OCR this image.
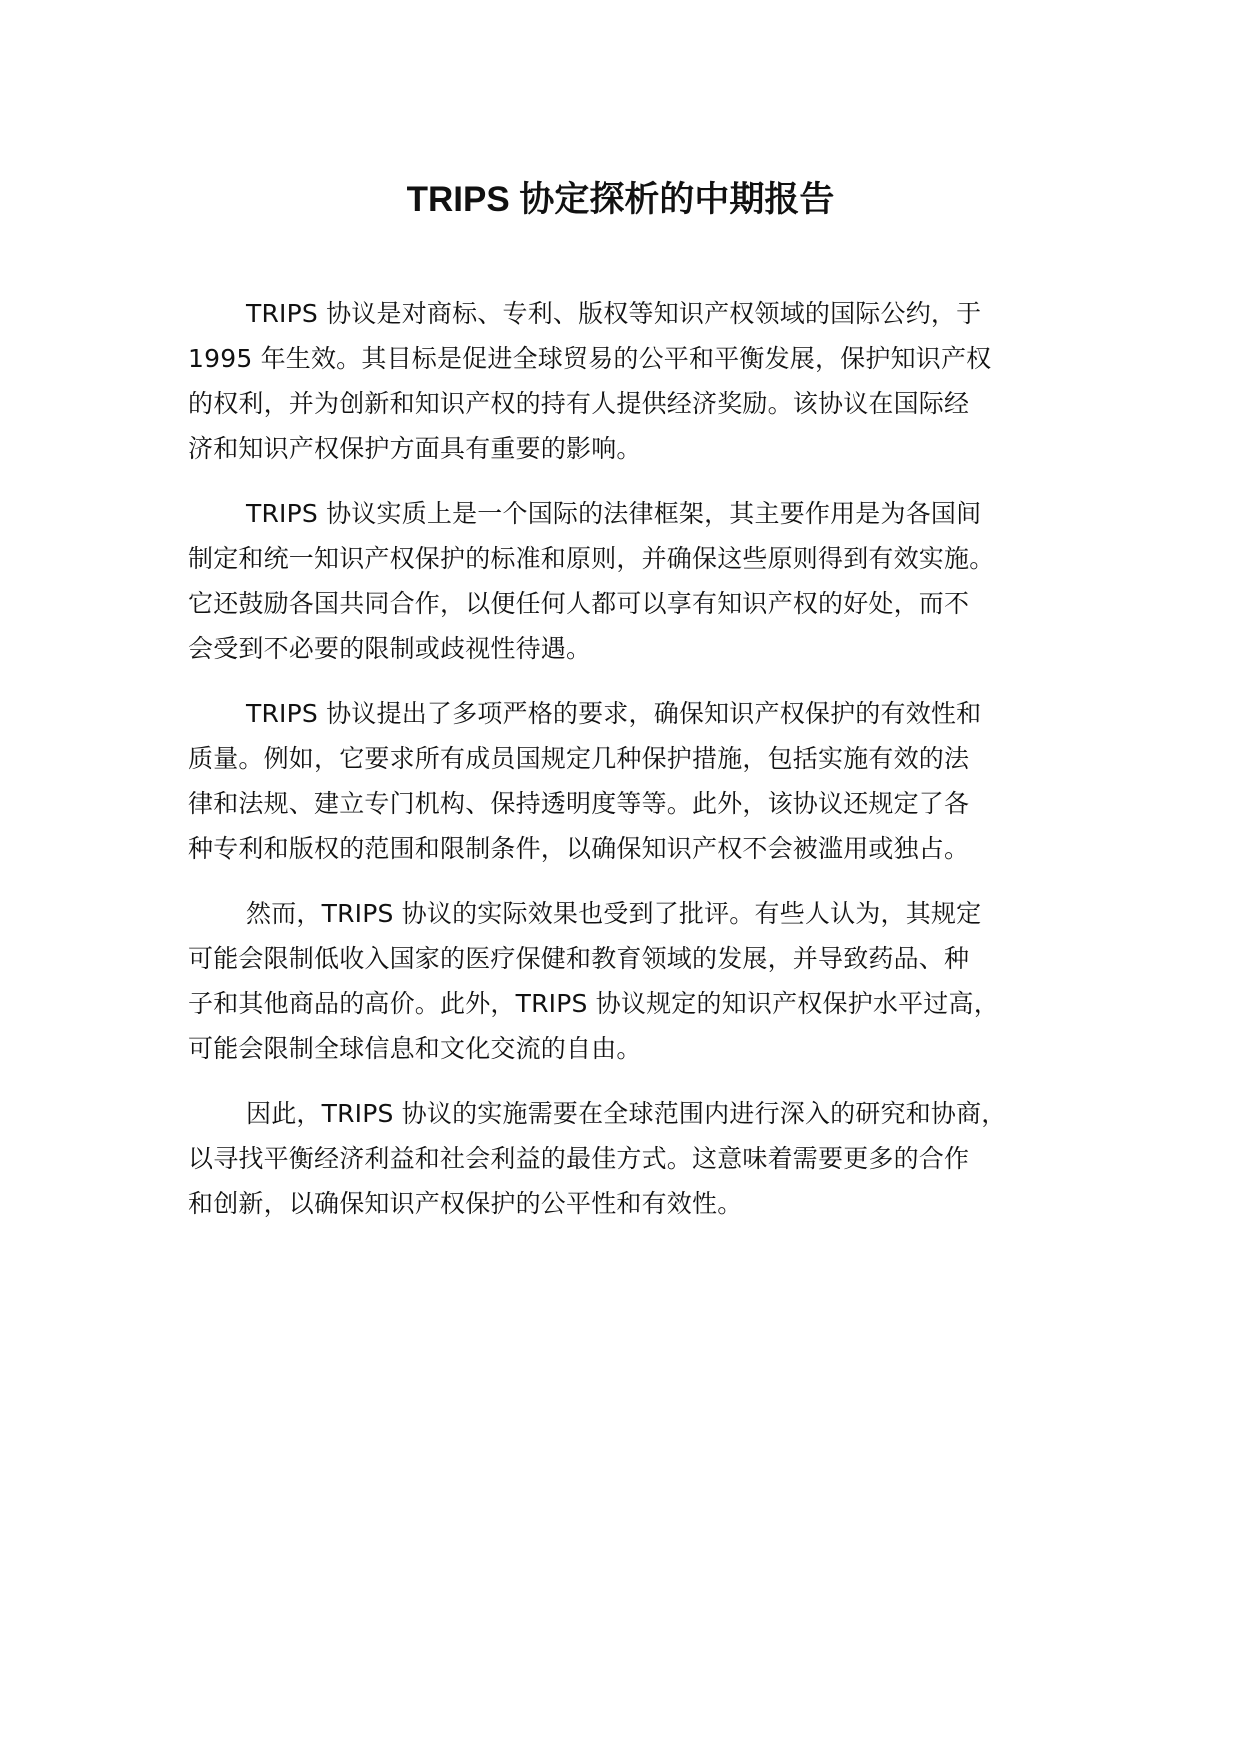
TRIPS 协定探析的中期报告
TRIPS 协议是对商标、专利、版权等知识产权领域的国际公约，于
1995 年生效。其目标是促进全球贸易的公平和平衡发展，保护知识产权
的权利，并为创新和知识产权的持有人提供经济奖励。该协议在国际经
济和知识产权保护方面具有重要的影响。
TRIPS 协议实质上是一个国际的法律框架，其主要作用是为各国间
制定和统一知识产权保护的标准和原则，并确保这些原则得到有效实施。
它还鼓励各国共同合作，以便任何人都可以享有知识产权的好处，而不
会受到不必要的限制或歧视性待遇。
TRIPS 协议提出了多项严格的要求，确保知识产权保护的有效性和
质量。例如，它要求所有成员国规定几种保护措施，包括实施有效的法
律和法规、建立专门机构、保持透明度等等。此外，该协议还规定了各
种专利和版权的范围和限制条件，以确保知识产权不会被滥用或独占。
然而，TRIPS 协议的实际效果也受到了批评。有些人认为，其规定
可能会限制低收入国家的医疗保健和教育领域的发展，并导致药品、种
子和其他商品的高价。此外，TRIPS 协议规定的知识产权保护水平过高，
可能会限制全球信息和文化交流的自由。
因此，TRIPS 协议的实施需要在全球范围内进行深入的研究和协商，
以寻找平衡经济利益和社会利益的最佳方式。这意味着需要更多的合作
和创新，以确保知识产权保护的公平性和有效性。
